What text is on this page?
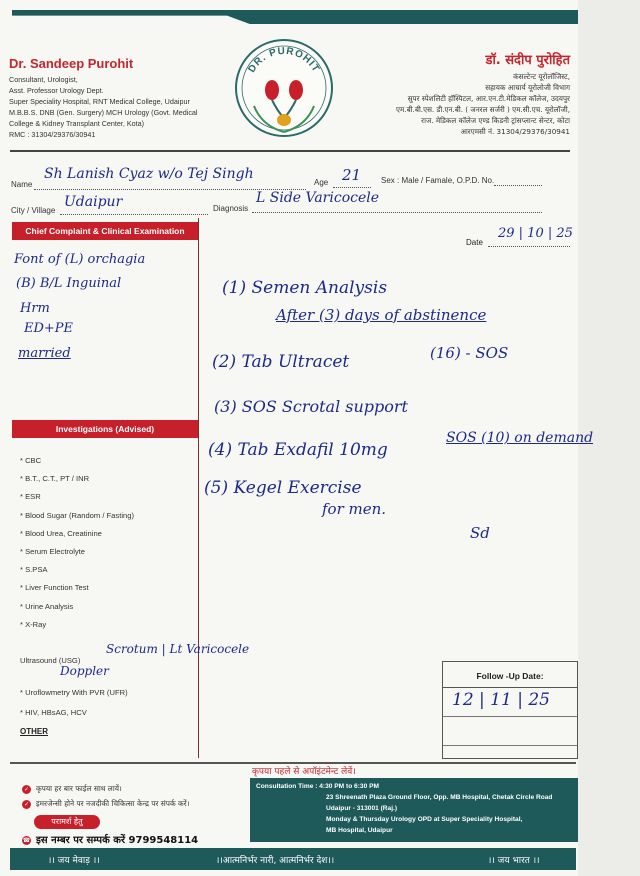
Dr. Sandeep Purohit
Consultant, Urologist,
Asst. Professor Urology Dept.
Super Speciality Hospital, RNT Medical College, Udaipur
M.B.B.S. DNB (Gen. Surgery) MCH Urology (Govt. Medical
College & Kidney Transplant Center, Kota)
RMC : 31304/29376/30941
DR. PUROHIT
डॉ. संदीप पुरोहित
कंसल्टेन्ट यूरोलॉजिस्ट,
सहायक आचार्य यूरोलोजी विभाग
सुपर स्पेशलिटी हॉस्पिटल, आर.एन.टी.मेडिकल कॉलेज, उदयपुर
एम.बी.बी.एस. डी.एन.बी. ( जनरल सर्जरी ) एम.सी.एच. यूरोलॉजी,
राज. मेडिकल कॉलेज एण्ड किडनी ट्रांसप्लान्ट सेन्टर, कोटा
आरएमसी नं. 31304/29376/30941
Name
Sh Lanish Cyaz w/o Tej Singh
Age 21 Sex : Male / Famale, O.P.D. No.
City / Village
Udaipur	Diagnosis
L Side Varicocele
Chief Complaint & Clinical Examination
Font of (L) orchagia
(B) B/L Inguinal
Hrm
ED+PE
married
Investigations (Advised)
* CBC
* B.T., C.T., PT / INR
* ESR
* Blood Sugar (Random / Fasting)
* Blood Urea, Creatinine
* Serum Electrolyte
* S.PSA
* Liver Function Test
* Urine Analysis
* X-Ray
Ultrasound (USG)
Scrotum | Lt Varicocele
Doppler
* Uroflowmetry With PVR (UFR)
* HIV, HBsAG, HCV
OTHER
Date
29 | 10 | 25
(1) Semen Analysis
After (3) days of abstinence
(2) Tab Ultracet	(16) - SOS
(3) SOS Scrotal support
(4) Tab Exdafil 10mg
SOS (10) on demand
(5) Kegel Exercise
for men.
Sd
Follow -Up Date:
12 | 11 | 25
कृपया पहले से अपॉइंटमेन्ट लेवें।
✓ कृपया हर बार फाईल साथ लायें।
✓ इमरजेन्सी होने पर नजदीकी चिकित्सा केन्द्र पर संपर्क करें।
परामर्श हेतु
☎ इस नम्बर पर सम्पर्क करें 9799548114
Consultation Time : 4:30 PM to 6:30 PM
23 Shreenath Plaza Ground Floor, Opp. MB Hospital, Chetak Circle Road
Udaipur - 313001 (Raj.)
Monday & Thursday Urology OPD at Super Speciality Hospital,
MB Hospital, Udaipur
।। जय मेवाड़ ।।	।।आत्मनिर्भर नारी, आत्मनिर्भर देश।।	।। जय भारत ।।
